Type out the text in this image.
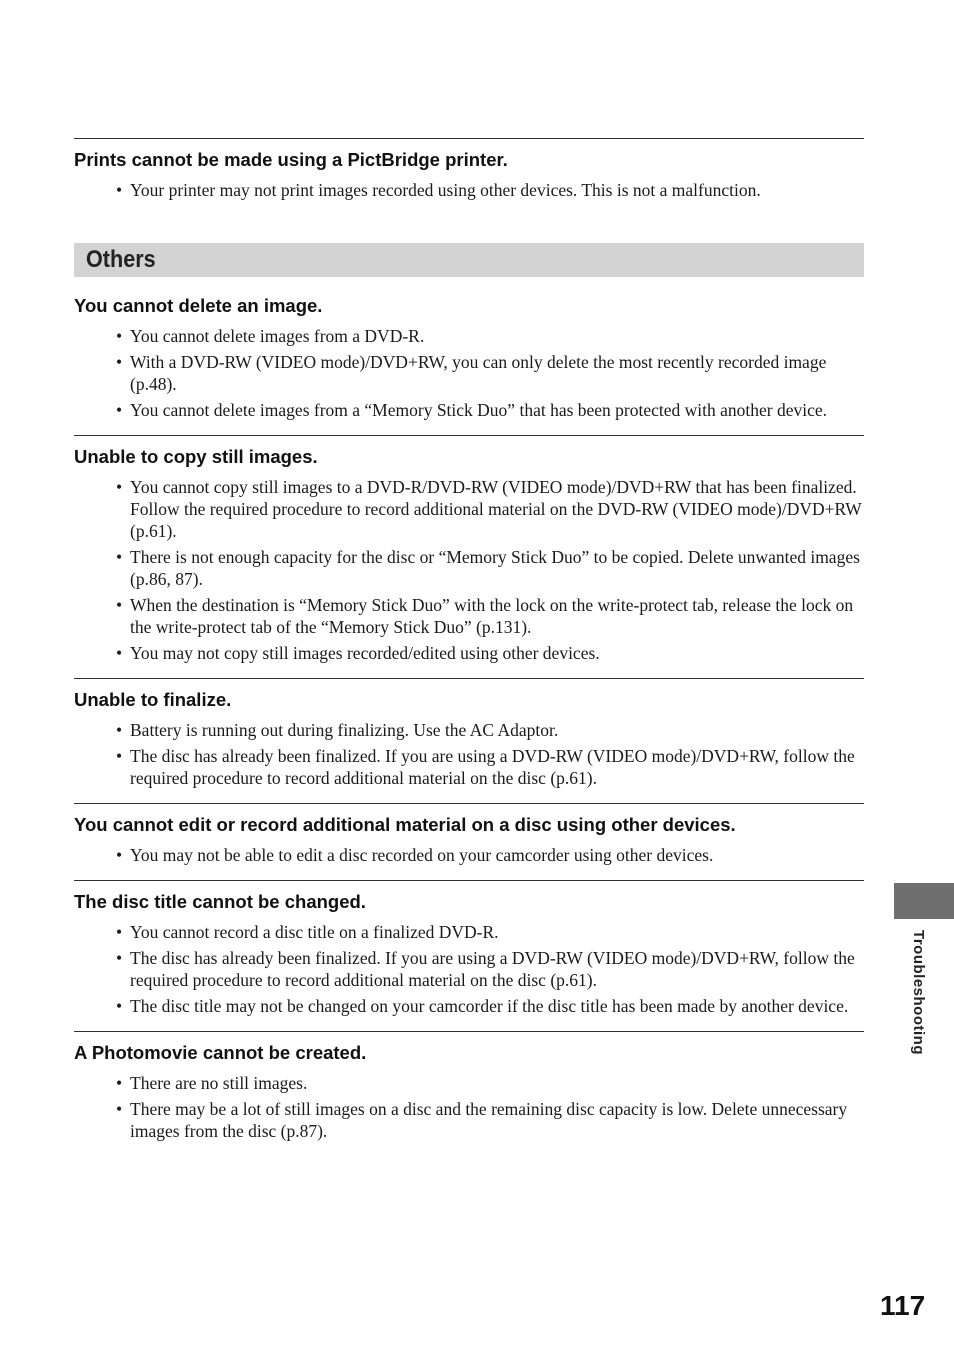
Prints cannot be made using a PictBridge printer.
• Your printer may not print images recorded using other devices. This is not a malfunction.
Others
You cannot delete an image.
• You cannot delete images from a DVD-R.
• With a DVD-RW (VIDEO mode)/DVD+RW, you can only delete the most recently recorded image (p.48).
• You cannot delete images from a “Memory Stick Duo” that has been protected with another device.
Unable to copy still images.
• You cannot copy still images to a DVD-R/DVD-RW (VIDEO mode)/DVD+RW that has been finalized. Follow the required procedure to record additional material on the DVD-RW (VIDEO mode)/DVD+RW (p.61).
• There is not enough capacity for the disc or “Memory Stick Duo” to be copied. Delete unwanted images (p.86, 87).
• When the destination is “Memory Stick Duo” with the lock on the write-protect tab, release the lock on the write-protect tab of the “Memory Stick Duo” (p.131).
• You may not copy still images recorded/edited using other devices.
Unable to finalize.
• Battery is running out during finalizing. Use the AC Adaptor.
• The disc has already been finalized. If you are using a DVD-RW (VIDEO mode)/DVD+RW, follow the required procedure to record additional material on the disc (p.61).
You cannot edit or record additional material on a disc using other devices.
• You may not be able to edit a disc recorded on your camcorder using other devices.
The disc title cannot be changed.
• You cannot record a disc title on a finalized DVD-R.
• The disc has already been finalized. If you are using a DVD-RW (VIDEO mode)/DVD+RW, follow the required procedure to record additional material on the disc (p.61).
• The disc title may not be changed on your camcorder if the disc title has been made by another device.
A Photomovie cannot be created.
• There are no still images.
• There may be a lot of still images on a disc and the remaining disc capacity is low. Delete unnecessary images from the disc (p.87).
Troubleshooting
117
